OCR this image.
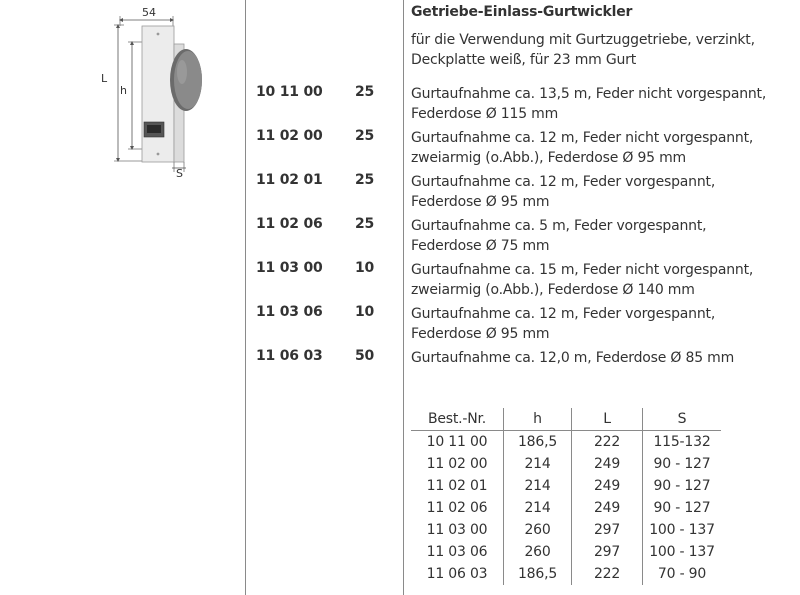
54
L
h
S
Getriebe-Einlass-Gurtwickler
für die Verwendung mit Gurtzuggetriebe, verzinkt, Deckplatte weiß, für 23 mm Gurt
10 11 00 25	Gurtaufnahme ca. 13,5 m, Feder nicht vorgespannt,
Federdose Ø 115 mm
11 02 00 25	Gurtaufnahme ca. 12 m, Feder nicht vorgespannt,
zweiarmig (o.Abb.), Federdose Ø 95 mm
11 02 01 25	Gurtaufnahme ca. 12 m, Feder vorgespannt,
Federdose Ø 95 mm
11 02 06 25	Gurtaufnahme ca. 5 m, Feder vorgespannt,
Federdose Ø 75 mm
11 03 00 10	Gurtaufnahme ca. 15 m, Feder nicht vorgespannt,
zweiarmig (o.Abb.), Federdose Ø 140 mm
11 03 06 10	Gurtaufnahme ca. 12 m, Feder vorgespannt,
Federdose Ø 95 mm
11 06 03 50	Gurtaufnahme ca. 12,0 m, Federdose Ø 85 mm
Best.-Nr.	h	L	S
10 11 00	186,5	222	115-132
11 02 00	214	249	90 - 127
11 02 01	214	249	90 - 127
11 02 06	214	249	90 - 127
11 03 00	260	297	100 - 137
11 03 06	260	297	100 - 137
11 06 03	186,5	222	70 - 90
